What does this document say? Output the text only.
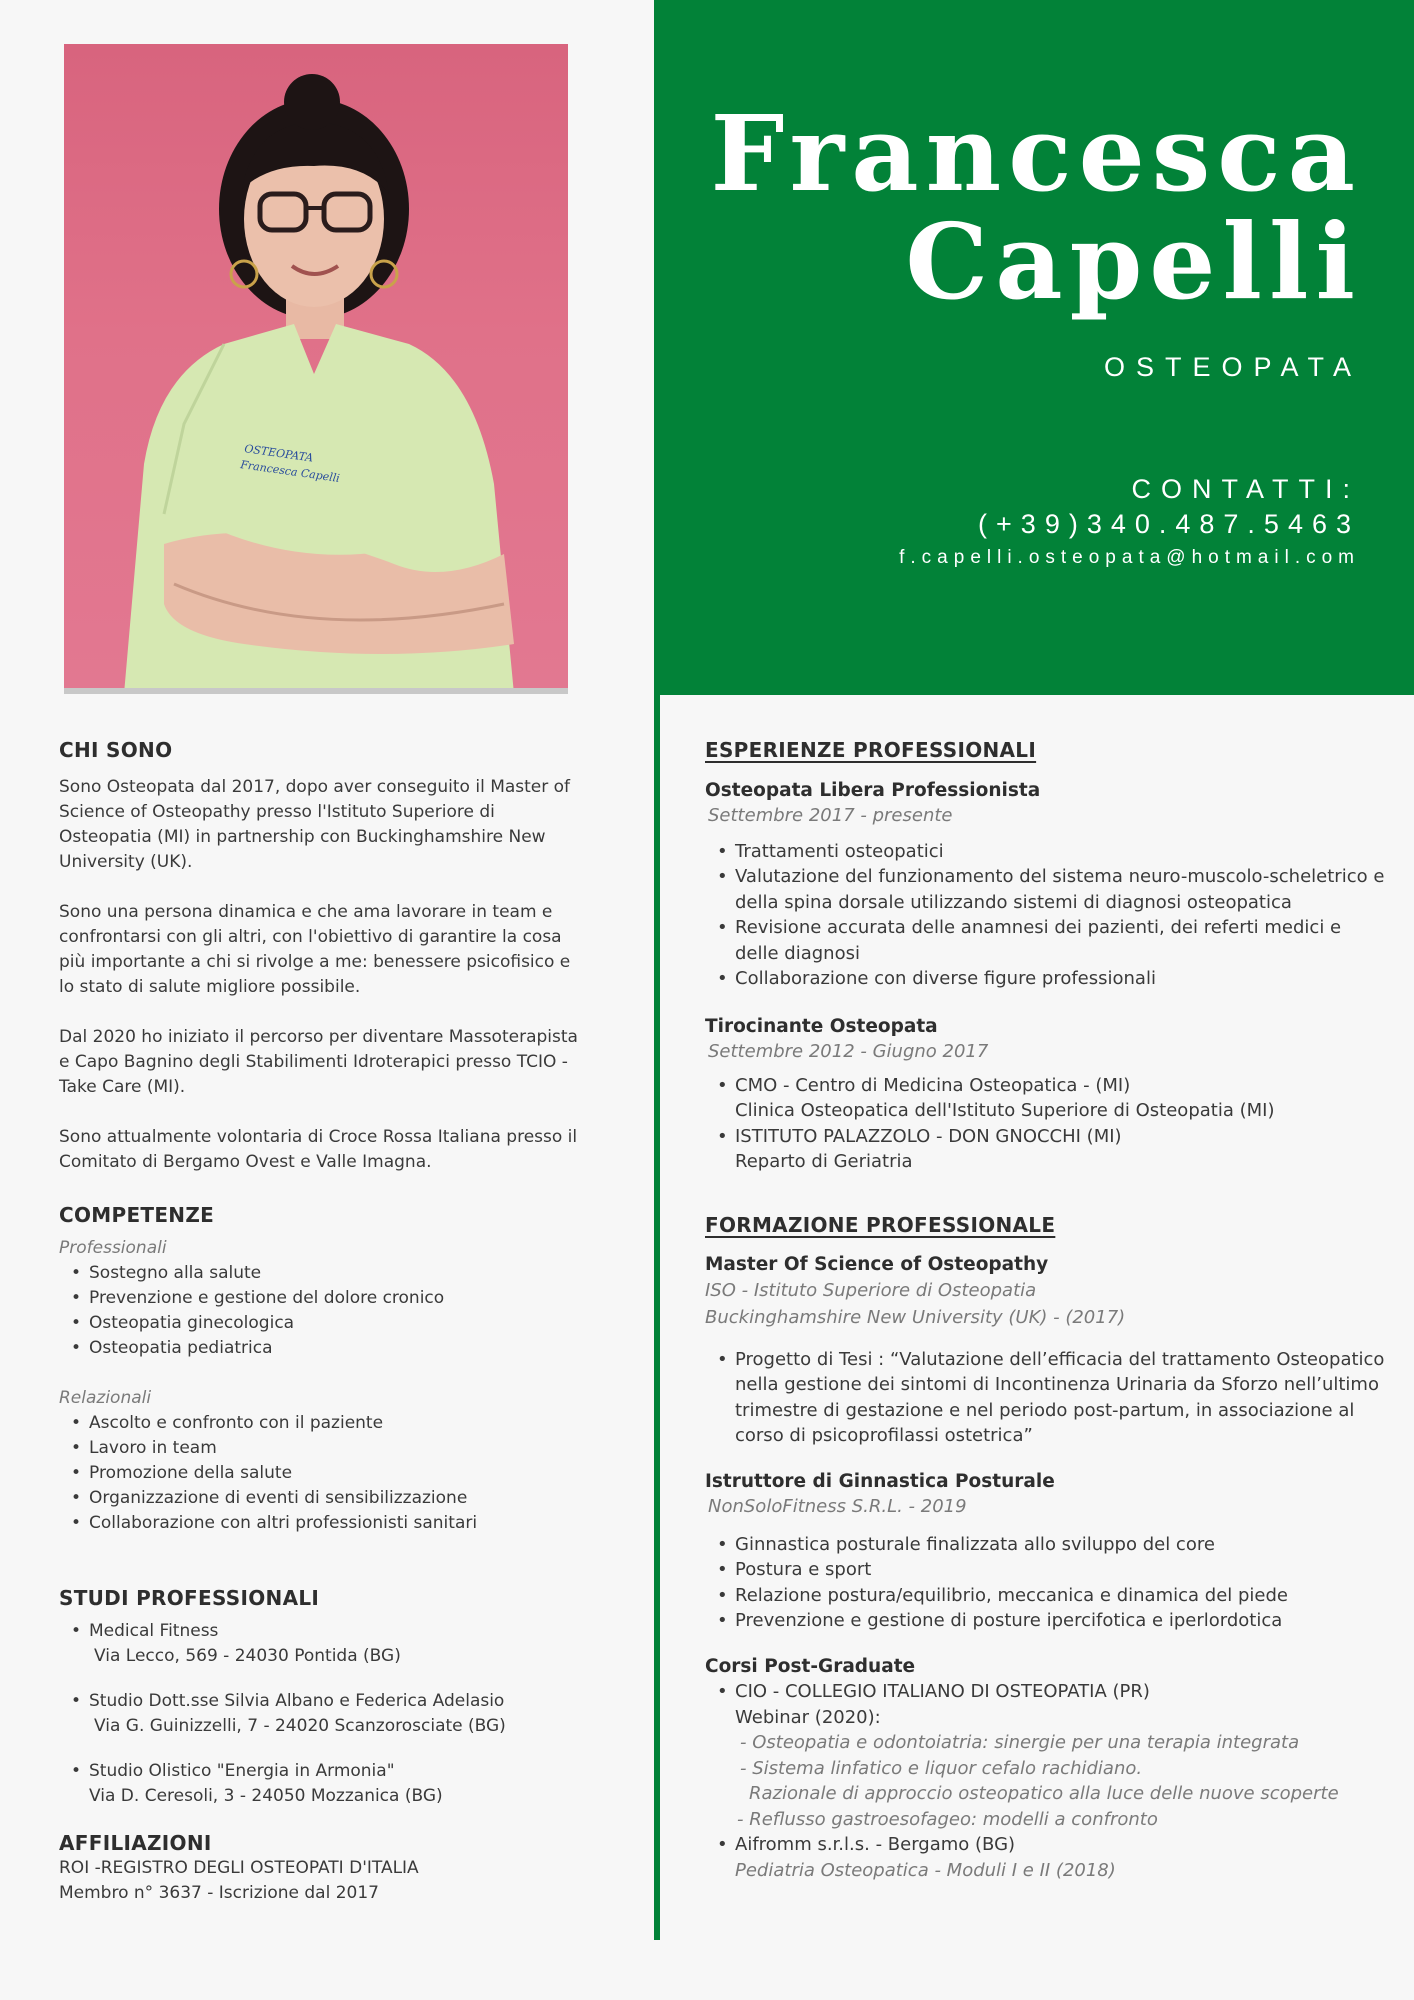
OSTEOPATA
Francesca Capelli
Francesca
Capelli
OSTEOPATA
CONTATTI:
(+39)340.487.5463
f.capelli.osteopata@hotmail.com
CHI SONO

Sono Osteopata dal 2017, dopo aver conseguito il Master of Science of Osteopathy presso l'Istituto Superiore di Osteopatia (MI) in partnership con Buckinghamshire New University (UK).

Sono una persona dinamica e che ama lavorare in team e confrontarsi con gli altri, con l'obiettivo di garantire la cosa più importante a chi si rivolge a me: benessere psicofisico e lo stato di salute migliore possibile.

Dal 2020 ho iniziato il percorso per diventare Massoterapista e Capo Bagnino degli Stabilimenti Idroterapici presso TCIO - Take Care (MI).

Sono attualmente volontaria di Croce Rossa Italiana presso il Comitato di Bergamo Ovest e Valle Imagna.

COMPETENZE
Professionali
• Sostegno alla salute
• Prevenzione e gestione del dolore cronico
• Osteopatia ginecologica
• Osteopatia pediatrica
Relazionali
• Ascolto e confronto con il paziente
• Lavoro in team
• Promozione della salute
• Organizzazione di eventi di sensibilizzazione
• Collaborazione con altri professionisti sanitari
STUDI PROFESSIONALI
• Medical Fitness
Via Lecco, 569 - 24030 Pontida (BG)
• Studio Dott.sse Silvia Albano e Federica Adelasio
Via G. Guinizzelli, 7 - 24020 Scanzorosciate (BG)
• Studio Olistico "Energia in Armonia"
Via D. Ceresoli, 3 - 24050 Mozzanica (BG)
AFFILIAZIONI
ROI -REGISTRO DEGLI OSTEOPATI D'ITALIA
Membro n° 3637 - Iscrizione dal 2017
ESPERIENZE PROFESSIONALI
Osteopata Libera Professionista
Settembre 2017 - presente
• Trattamenti osteopatici
• Valutazione del funzionamento del sistema neuro-muscolo-scheletrico e della spina dorsale utilizzando sistemi di diagnosi osteopatica
• Revisione accurata delle anamnesi dei pazienti, dei referti medici e delle diagnosi
• Collaborazione con diverse figure professionali
Tirocinante Osteopata
Settembre 2012 - Giugno 2017
• CMO - Centro di Medicina Osteopatica - (MI)
Clinica Osteopatica dell'Istituto Superiore di Osteopatia (MI)
• ISTITUTO PALAZZOLO - DON GNOCCHI (MI)
Reparto di Geriatria
FORMAZIONE PROFESSIONALE
Master Of Science of Osteopathy
ISO - Istituto Superiore di Osteopatia
Buckinghamshire New University (UK) - (2017)
• Progetto di Tesi : “Valutazione dell’efficacia del trattamento Osteopatico nella gestione dei sintomi di Incontinenza Urinaria da Sforzo nell’ultimo trimestre di gestazione e nel periodo post-partum, in associazione al corso di psicoprofilassi ostetrica”
Istruttore di Ginnastica Posturale
NonSoloFitness S.R.L. - 2019
• Ginnastica posturale finalizzata allo sviluppo del core
• Postura e sport
• Relazione postura/equilibrio, meccanica e dinamica del piede
• Prevenzione e gestione di posture ipercifotica e iperlordotica
Corsi Post-Graduate
• CIO - COLLEGIO ITALIANO DI OSTEOPATIA (PR)
Webinar (2020):
- Osteopatia e odontoiatria: sinergie per una terapia integrata
- Sistema linfatico e liquor cefalo rachidiano.
Razionale di approccio osteopatico alla luce delle nuove scoperte
- Reflusso gastroesofageo: modelli a confronto
• Aifromm s.r.l.s. - Bergamo (BG)
Pediatria Osteopatica - Moduli I e II (2018)
